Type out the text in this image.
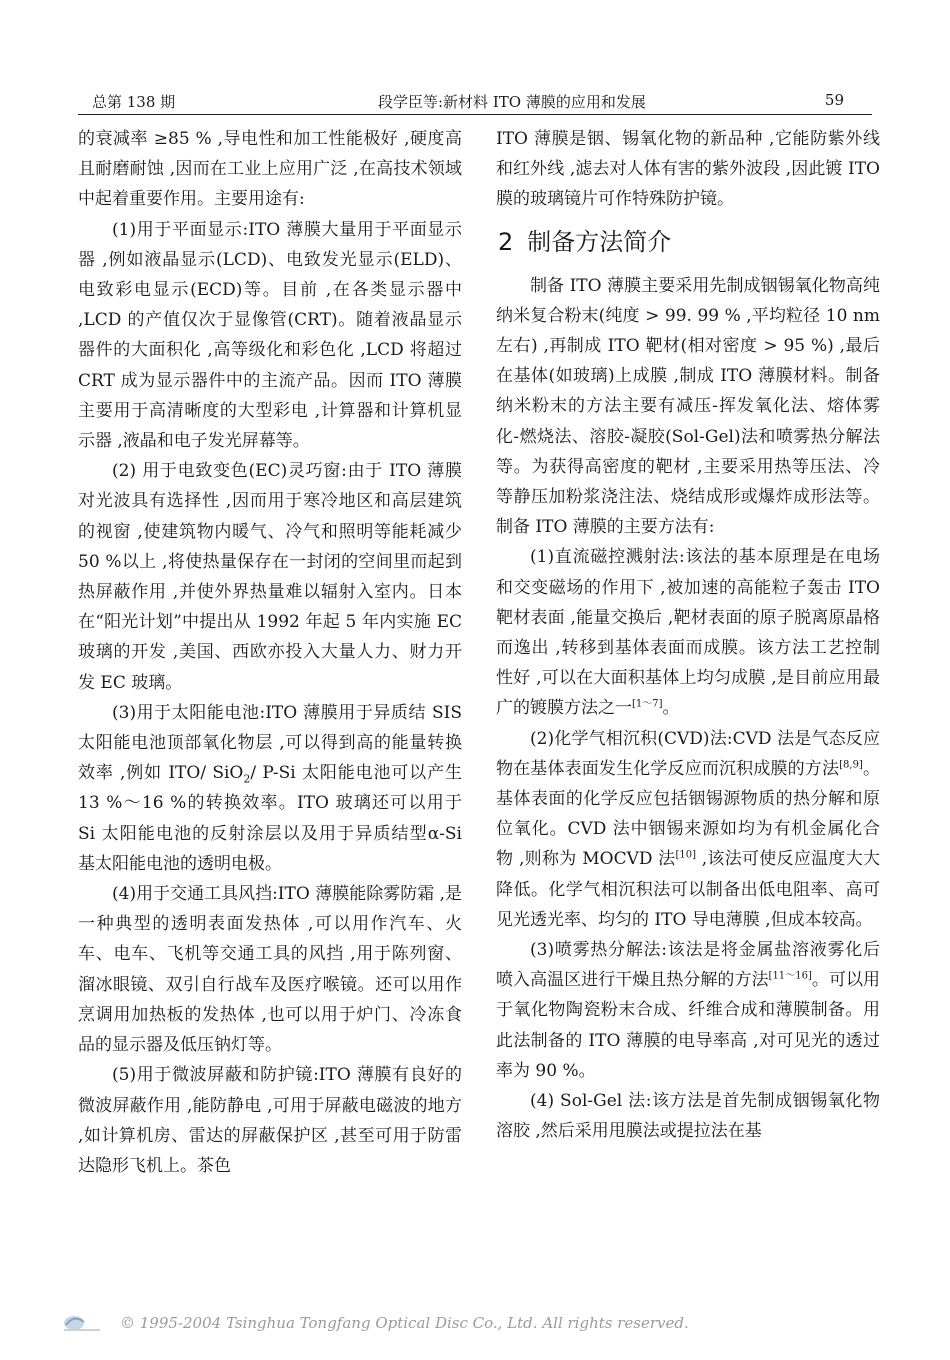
总第 138 期	段学臣等:新材料 ITO 薄膜的应用和发展	59

的衰减率 ≥85 % ,导电性和加工性能极好 ,硬度高且耐磨耐蚀 ,因而在工业上应用广泛 ,在高技术领域中起着重要作用。主要用途有:

(1)用于平面显示:ITO 薄膜大量用于平面显示器 ,例如液晶显示(LCD)、电致发光显示(ELD)、电致彩电显示(ECD)等。目前 ,在各类显示器中 ,LCD 的产值仅次于显像管(CRT)。随着液晶显示器件的大面积化 ,高等级化和彩色化 ,LCD 将超过 CRT 成为显示器件中的主流产品。因而 ITO 薄膜主要用于高清晰度的大型彩电 ,计算器和计算机显示器 ,液晶和电子发光屏幕等。

(2) 用于电致变色(EC)灵巧窗:由于 ITO 薄膜对光波具有选择性 ,因而用于寒冷地区和高层建筑的视窗 ,使建筑物内暖气、冷气和照明等能耗减少 50 %以上 ,将使热量保存在一封闭的空间里而起到热屏蔽作用 ,并使外界热量难以辐射入室内。日本在“阳光计划”中提出从 1992 年起 5 年内实施 EC 玻璃的开发 ,美国、西欧亦投入大量人力、财力开发 EC 玻璃。

(3)用于太阳能电池:ITO 薄膜用于异质结 SIS 太阳能电池顶部氧化物层 ,可以得到高的能量转换效率 ,例如 ITO/ SiO$_2$/ P-Si 太阳能电池可以产生 13 %～16 %的转换效率。ITO 玻璃还可以用于 Si 太阳能电池的反射涂层以及用于异质结型α-Si 基太阳能电池的透明电极。

(4)用于交通工具风挡:ITO 薄膜能除雾防霜 ,是一种典型的透明表面发热体 ,可以用作汽车、火车、电车、飞机等交通工具的风挡 ,用于陈列窗、溜冰眼镜、双引自行战车及医疗喉镜。还可以用作烹调用加热板的发热体 ,也可以用于炉门、冷冻食品的显示器及低压钠灯等。

(5)用于微波屏蔽和防护镜:ITO 薄膜有良好的微波屏蔽作用 ,能防静电 ,可用于屏蔽电磁波的地方 ,如计算机房、雷达的屏蔽保护区 ,甚至可用于防雷达隐形飞机上。茶色

ITO 薄膜是铟、锡氧化物的新品种 ,它能防紫外线和红外线 ,滤去对人体有害的紫外波段 ,因此镀 ITO 膜的玻璃镜片可作特殊防护镜。

2 制备方法简介

制备 ITO 薄膜主要采用先制成铟锡氧化物高纯纳米复合粉末(纯度 > 99. 99 % ,平均粒径 10 nm 左右) ,再制成 ITO 靶材(相对密度 > 95 %) ,最后在基体(如玻璃)上成膜 ,制成 ITO 薄膜材料。制备纳米粉末的方法主要有减压-挥发氧化法、熔体雾化-燃烧法、溶胶-凝胶(Sol-Gel)法和喷雾热分解法等。为获得高密度的靶材 ,主要采用热等压法、冷等静压加粉浆浇注法、烧结成形或爆炸成形法等。制备 ITO 薄膜的主要方法有:

(1)直流磁控溅射法:该法的基本原理是在电场和交变磁场的作用下 ,被加速的高能粒子轰击 ITO 靶材表面 ,能量交换后 ,靶材表面的原子脱离原晶格而逸出 ,转移到基体表面而成膜。该方法工艺控制性好 ,可以在大面积基体上均匀成膜 ,是目前应用最广的镀膜方法之一[1～7]。

(2)化学气相沉积(CVD)法:CVD 法是气态反应物在基体表面发生化学反应而沉积成膜的方法[8,9]。基体表面的化学反应包括铟锡源物质的热分解和原位氧化。CVD 法中铟锡来源如均为有机金属化合物 ,则称为 MOCVD 法[10] ,该法可使反应温度大大降低。化学气相沉积法可以制备出低电阻率、高可见光透光率、均匀的 ITO 导电薄膜 ,但成本较高。

(3)喷雾热分解法:该法是将金属盐溶液雾化后喷入高温区进行干燥且热分解的方法[11～16]。可以用于氧化物陶瓷粉末合成、纤维合成和薄膜制备。用此法制备的 ITO 薄膜的电导率高 ,对可见光的透过率为 90 %。

(4) Sol-Gel 法:该方法是首先制成铟锡氧化物溶胶 ,然后采用甩膜法或提拉法在基

© 1995-2004 Tsinghua Tongfang Optical Disc Co., Ltd. All rights reserved.
